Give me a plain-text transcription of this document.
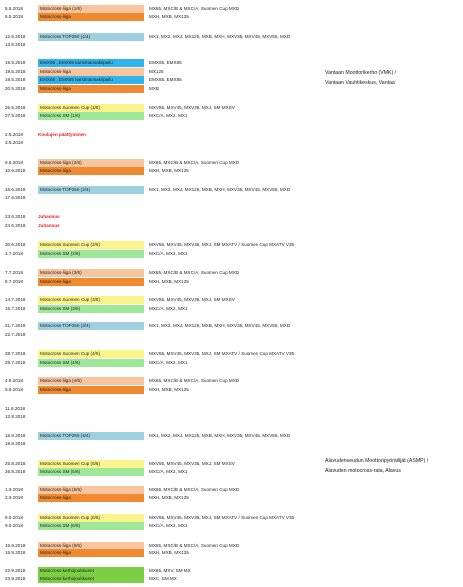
5.5.2018	Motocross-liiga (1/6)	MX65, MXC/B & MXC/A, Suomen Cup MXD
6.5.2018	Motocross-liiga	MXH, MXB, MX125
12.5.2018	Motocross TOP250 (1/4)	MX1, MX2, MXJ, MX125, MXB, MXH, MXV35, MXV45, MXV55, MXD
13.5.2018
19.5.2018	EMX65 , EMX85 karsintaosakilpailu	EMX65, EMX85
19.5.2018	Motocross-liiga	MX125
19.5.2018	EMX65 , EMX85 karsintaosakilpailu	EMX65, EMX85
20.5.2018	Motocross-liiga	MXB
26.5.2018	Motocross Suomen Cup (1/6)	MXV55, MXV45, MXV35, MXJ, SM MXSV
27.5.2018	Motocross SM (1/6)	MXC/A, MX2, MX1
2.6.2018	Koulujen päättyminen
3.6.2018
9.6.2018	Motocross-liiga (2/6)	MX65, MXC/B & MXC/A, Suomen Cup MXD
10.6.2018	Motocross-liiga	MXH, MXB, MX125
16.6.2018	Motocross TOP250 (2/4)	MX1, MX2, MXJ, MX125, MXB, MXH, MXV35, MXV45, MXV55, MXD
17.6.2018
23.6.2018	Juhannus
24.6.2018	Juhannus
30.6.2018	Motocross Suomen Cup (2/6)	MXV55, MXV45, MXV35, MXJ, SM MXATV / Suomen Cup MXATV V35
1.7.2018	Motocross SM (2/6)	MXC/A, MX2, MX1
7.7.2018	Motocross-liiga (3/6)	MX65, MXC/B & MXC/A, Suomen Cup MXD
8.7.2018	Motocross-liiga	MXH, MXB, MX125
14.7.2018	Motocross Suomen Cup (3/6)	MXV55, MXV45, MXV35, MXJ, SM MXSV
15.7.2018	Motocross SM (3/6)	MXC/A, MX2, MX1
21.7.2018	Motocross TOP250 (3/4)	MX1, MX2, MXJ, MX125, MXB, MXH, MXV35, MXV45, MXV55, MXD
22.7.2018
28.7.2018	Motocross Suomen Cup (4/6)	MXV55, MXV45, MXV35, MXJ, SM MXATV / Suomen Cup MXATV V35
29.7.2018	Motocross SM (4/6)	MXC/A, MX2, MX1
4.8.2018	Motocross-liiga (4/6)	MX65, MXC/B & MXC/A, Suomen Cup MXD
5.8.2018	Motocross-liiga	MXH, MXB, MX125
11.8.2018
12.8.2018
18.8.2018	Motocross TOP250 (4/4)	MX1, MX2, MXJ, MX125, MXB, MXH, MXV35, MXV45, MXV55, MXD
19.8.2018
25.8.2018	Motocross Suomen Cup (5/6)	MXV55, MXV45, MXV35, MXJ, SM MXSV
26.8.2018	Motocross SM (5/6)	MXC/A, MX2, MX1
1.9.2018	Motocross-liiga (5/6)	MX65, MXC/B & MXC/A, Suomen Cup MXD
2.9.2018	Motocross-liiga	MXH, MXB, MX125
8.9.2018	Motocross Suomen Cup (6/6)	MXV55, MXV45, MXV35, MXJ, SM MXATV / Suomen Cup MXATV V35
9.9.2018	Motocross SM (6/6)	MXC/A, MX2, MX1
15.9.2018	Motocross-liiga (6/6)	MX65, MXC/B & MXC/A, Suomen Cup MXD
16.9.2018	Motocross-liiga	MXH, MXB, MX125
22.9.2018	Motocross-kerhojoukkueet	MX65, MXV, SM MX
23.9.2018	Motocross-kerhojoukkueet	MXC, SM MX
Vantaan Moottorikerho (VMK) /
Vantaan Vauhtikeskus, Vantaa
Alavudenseudun Moottoripyöräilijät (ASMP) /
Alavuden motocross-rata, Alavus
